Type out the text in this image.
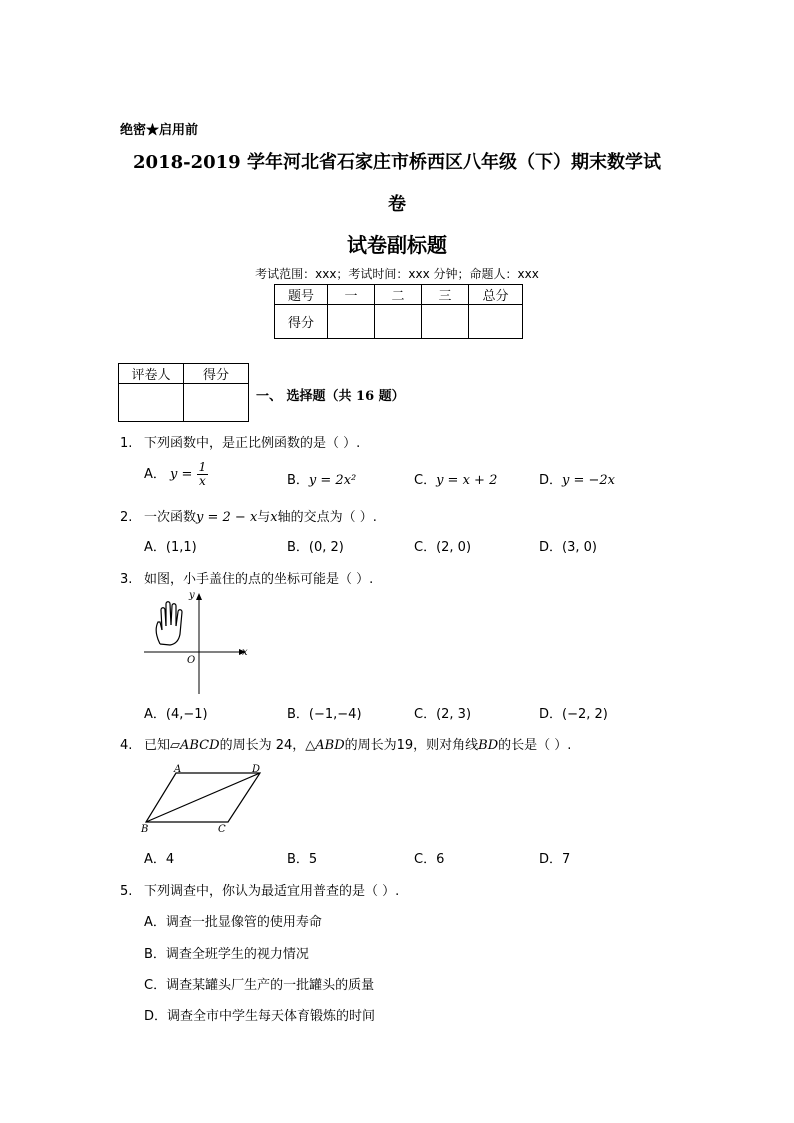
绝密★启用前
2018-2019 学年河北省石家庄市桥西区八年级（下）期末数学试
卷
试卷副标题
考试范围：xxx；考试时间：xxx 分钟；命题人：xxx
题号	一	二	三	总分
得分				
评卷人	得分

一、 选择题（共 16 题）
1. 下列函数中，是正比例函数的是（ ）.
A． $y = \frac{1}{x}$	B．y = 2x²	C．y = x + 2	D．y = −2x
2. 一次函数y = 2 − x与x轴的交点为（ ）.
A．(1,1)	B．(0, 2)	C．(2, 0)	D．(3, 0)
3. 如图，小手盖住的点的坐标可能是（ ）.
x
y
O
A．(4,−1)	B．(−1,−4)	C．(2, 3)	D．(−2, 2)
4. 已知▱ABCD的周长为 24，△ABD的周长为19，则对角线BD的长是（ ）.
A	D
B	C
A．4	B．5	C．6	D．7
5. 下列调查中，你认为最适宜用普查的是（ ）.
A．调查一批显像管的使用寿命
B．调查全班学生的视力情况
C．调查某罐头厂生产的一批罐头的质量
D．调查全市中学生每天体育锻炼的时间
